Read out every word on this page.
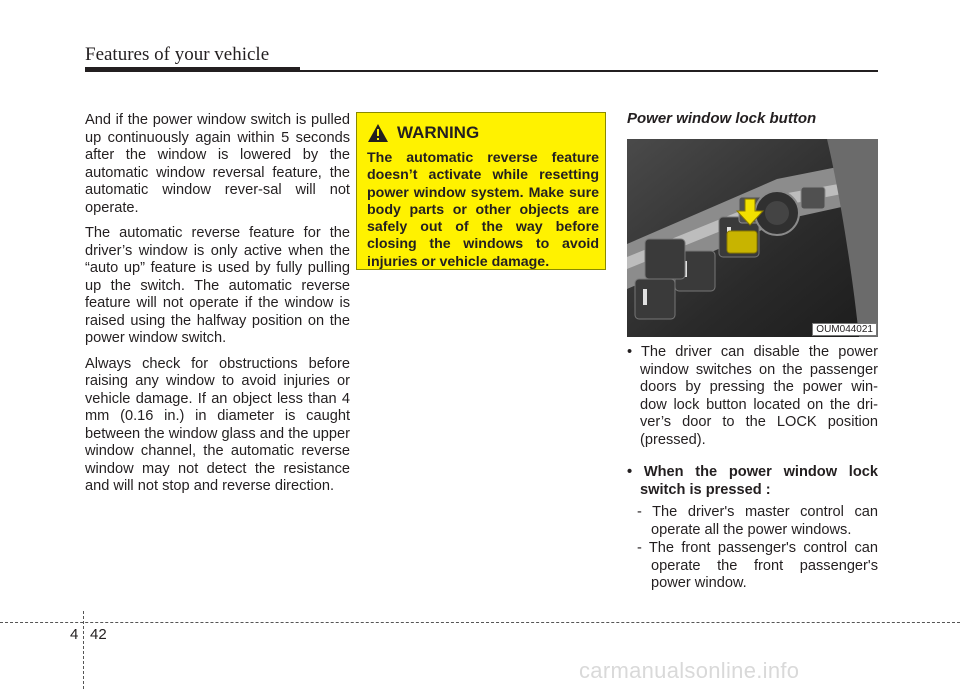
Features of your vehicle

And if the power window switch is pulled up continuously again within 5 seconds after the window is lowered by the automatic window reversal feature, the automatic window rever-sal will not operate.

The automatic reverse feature for the driver’s window is only active when the “auto up” feature is used by fully pulling up the switch. The automatic reverse feature will not operate if the window is raised using the halfway position on the power window switch.

Always check for obstructions before raising any window to avoid injuries or vehicle damage. If an object less than 4 mm (0.16 in.) in diameter is caught between the window glass and the upper window channel, the automatic reverse window may not detect the resistance and will not stop and reverse direction.

WARNING
The automatic reverse feature doesn’t activate while resetting power window system. Make sure body parts or other objects are safely out of the way before closing the windows to avoid injuries or vehicle damage.
Power window lock button
OUM044021
• The driver can disable the power window switches on the passenger doors by pressing the power win-dow lock button located on the dri-ver’s door to the LOCK position (pressed).
• When the power window lock switch is pressed :
- The driver's master control can operate all the power windows.
- The front passenger's control can operate the front passenger's power window.
4 42
carmanualsonline.info
